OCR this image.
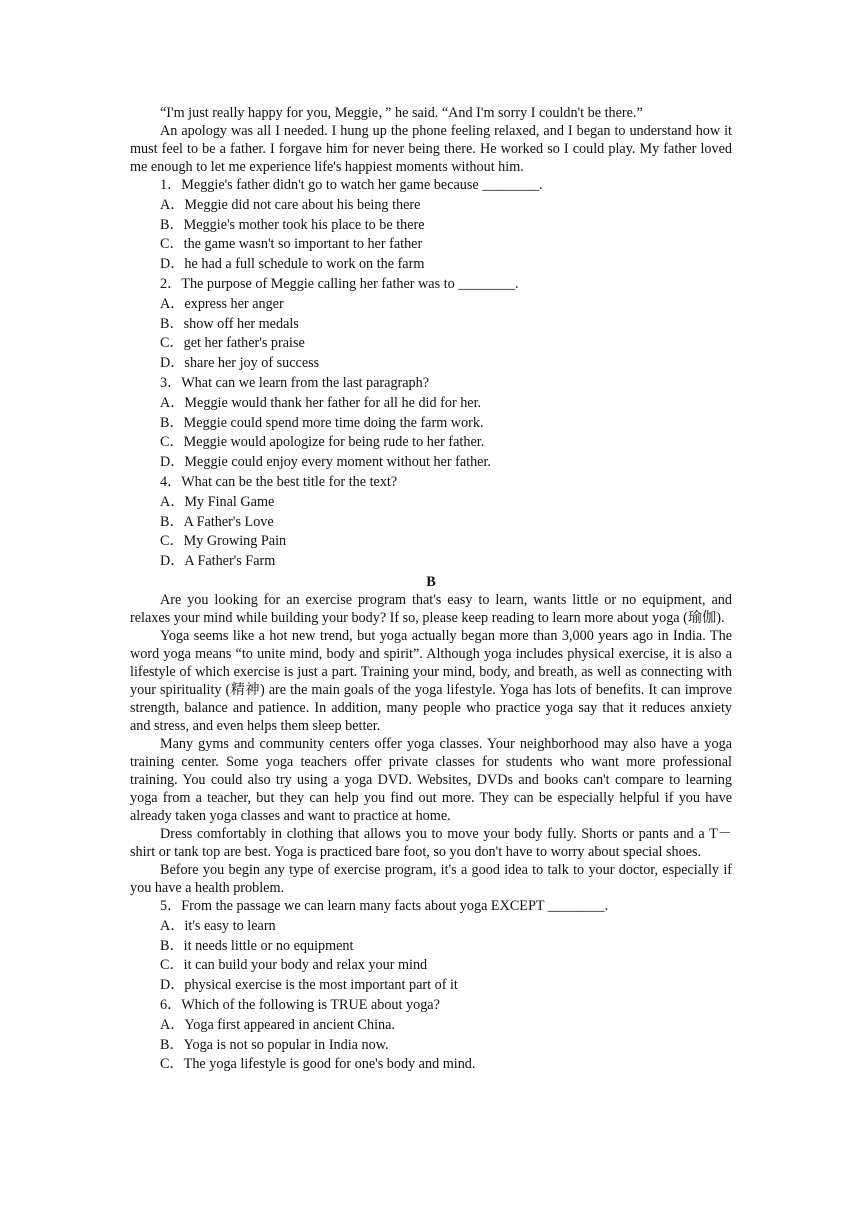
“I'm just really happy for you, Meggie，” he said. “And I'm sorry I couldn't be there.”

An apology was all I needed. I hung up the phone feeling relaxed, and I began to understand how it must feel to be a father. I forgave him for never being there. He worked so I could play. My father loved me enough to let me experience life's happiest moments without him.

1．Meggie's father didn't go to watch her game because ________.

A．Meggie did not care about his being there

B．Meggie's mother took his place to be there

C．the game wasn't so important to her father

D．he had a full schedule to work on the farm

2．The purpose of Meggie calling her father was to ________.

A．express her anger

B．show off her medals

C．get her father's praise

D．share her joy of success

3．What can we learn from the last paragraph?

A．Meggie would thank her father for all he did for her.

B．Meggie could spend more time doing the farm work.

C．Meggie would apologize for being rude to her father.

D．Meggie could enjoy every moment without her father.

4．What can be the best title for the text?

A．My Final Game

B．A Father's Love

C．My Growing Pain

D．A Father's Farm

B

Are you looking for an exercise program that's easy to learn, wants little or no equipment, and relaxes your mind while building your body? If so, please keep reading to learn more about yoga (瑜伽).

Yoga seems like a hot new trend, but yoga actually began more than 3,000 years ago in India. The word yoga means “to unite mind, body and spirit”. Although yoga includes physical exercise, it is also a lifestyle of which exercise is just a part. Training your mind, body, and breath, as well as connecting with your spirituality (精神) are the main goals of the yoga lifestyle. Yoga has lots of benefits. It can improve strength, balance and patience. In addition, many people who practice yoga say that it reduces anxiety and stress, and even helps them sleep better.

Many gyms and community centers offer yoga classes. Your neighborhood may also have a yoga training center. Some yoga teachers offer private classes for students who want more professional training. You could also try using a yoga DVD. Websites, DVDs and books can't compare to learning yoga from a teacher, but they can help you find out more. They can be especially helpful if you have already taken yoga classes and want to practice at home.

Dress comfortably in clothing that allows you to move your body fully. Shorts or pants and a T－shirt or tank top are best. Yoga is practiced bare foot, so you don't have to worry about special shoes.

Before you begin any type of exercise program, it's a good idea to talk to your doctor, especially if you have a health problem.

5．From the passage we can learn many facts about yoga EXCEPT ________.

A．it's easy to learn

B．it needs little or no equipment

C．it can build your body and relax your mind

D．physical exercise is the most important part of it

6．Which of the following is TRUE about yoga?

A．Yoga first appeared in ancient China.

B．Yoga is not so popular in India now.

C．The yoga lifestyle is good for one's body and mind.
